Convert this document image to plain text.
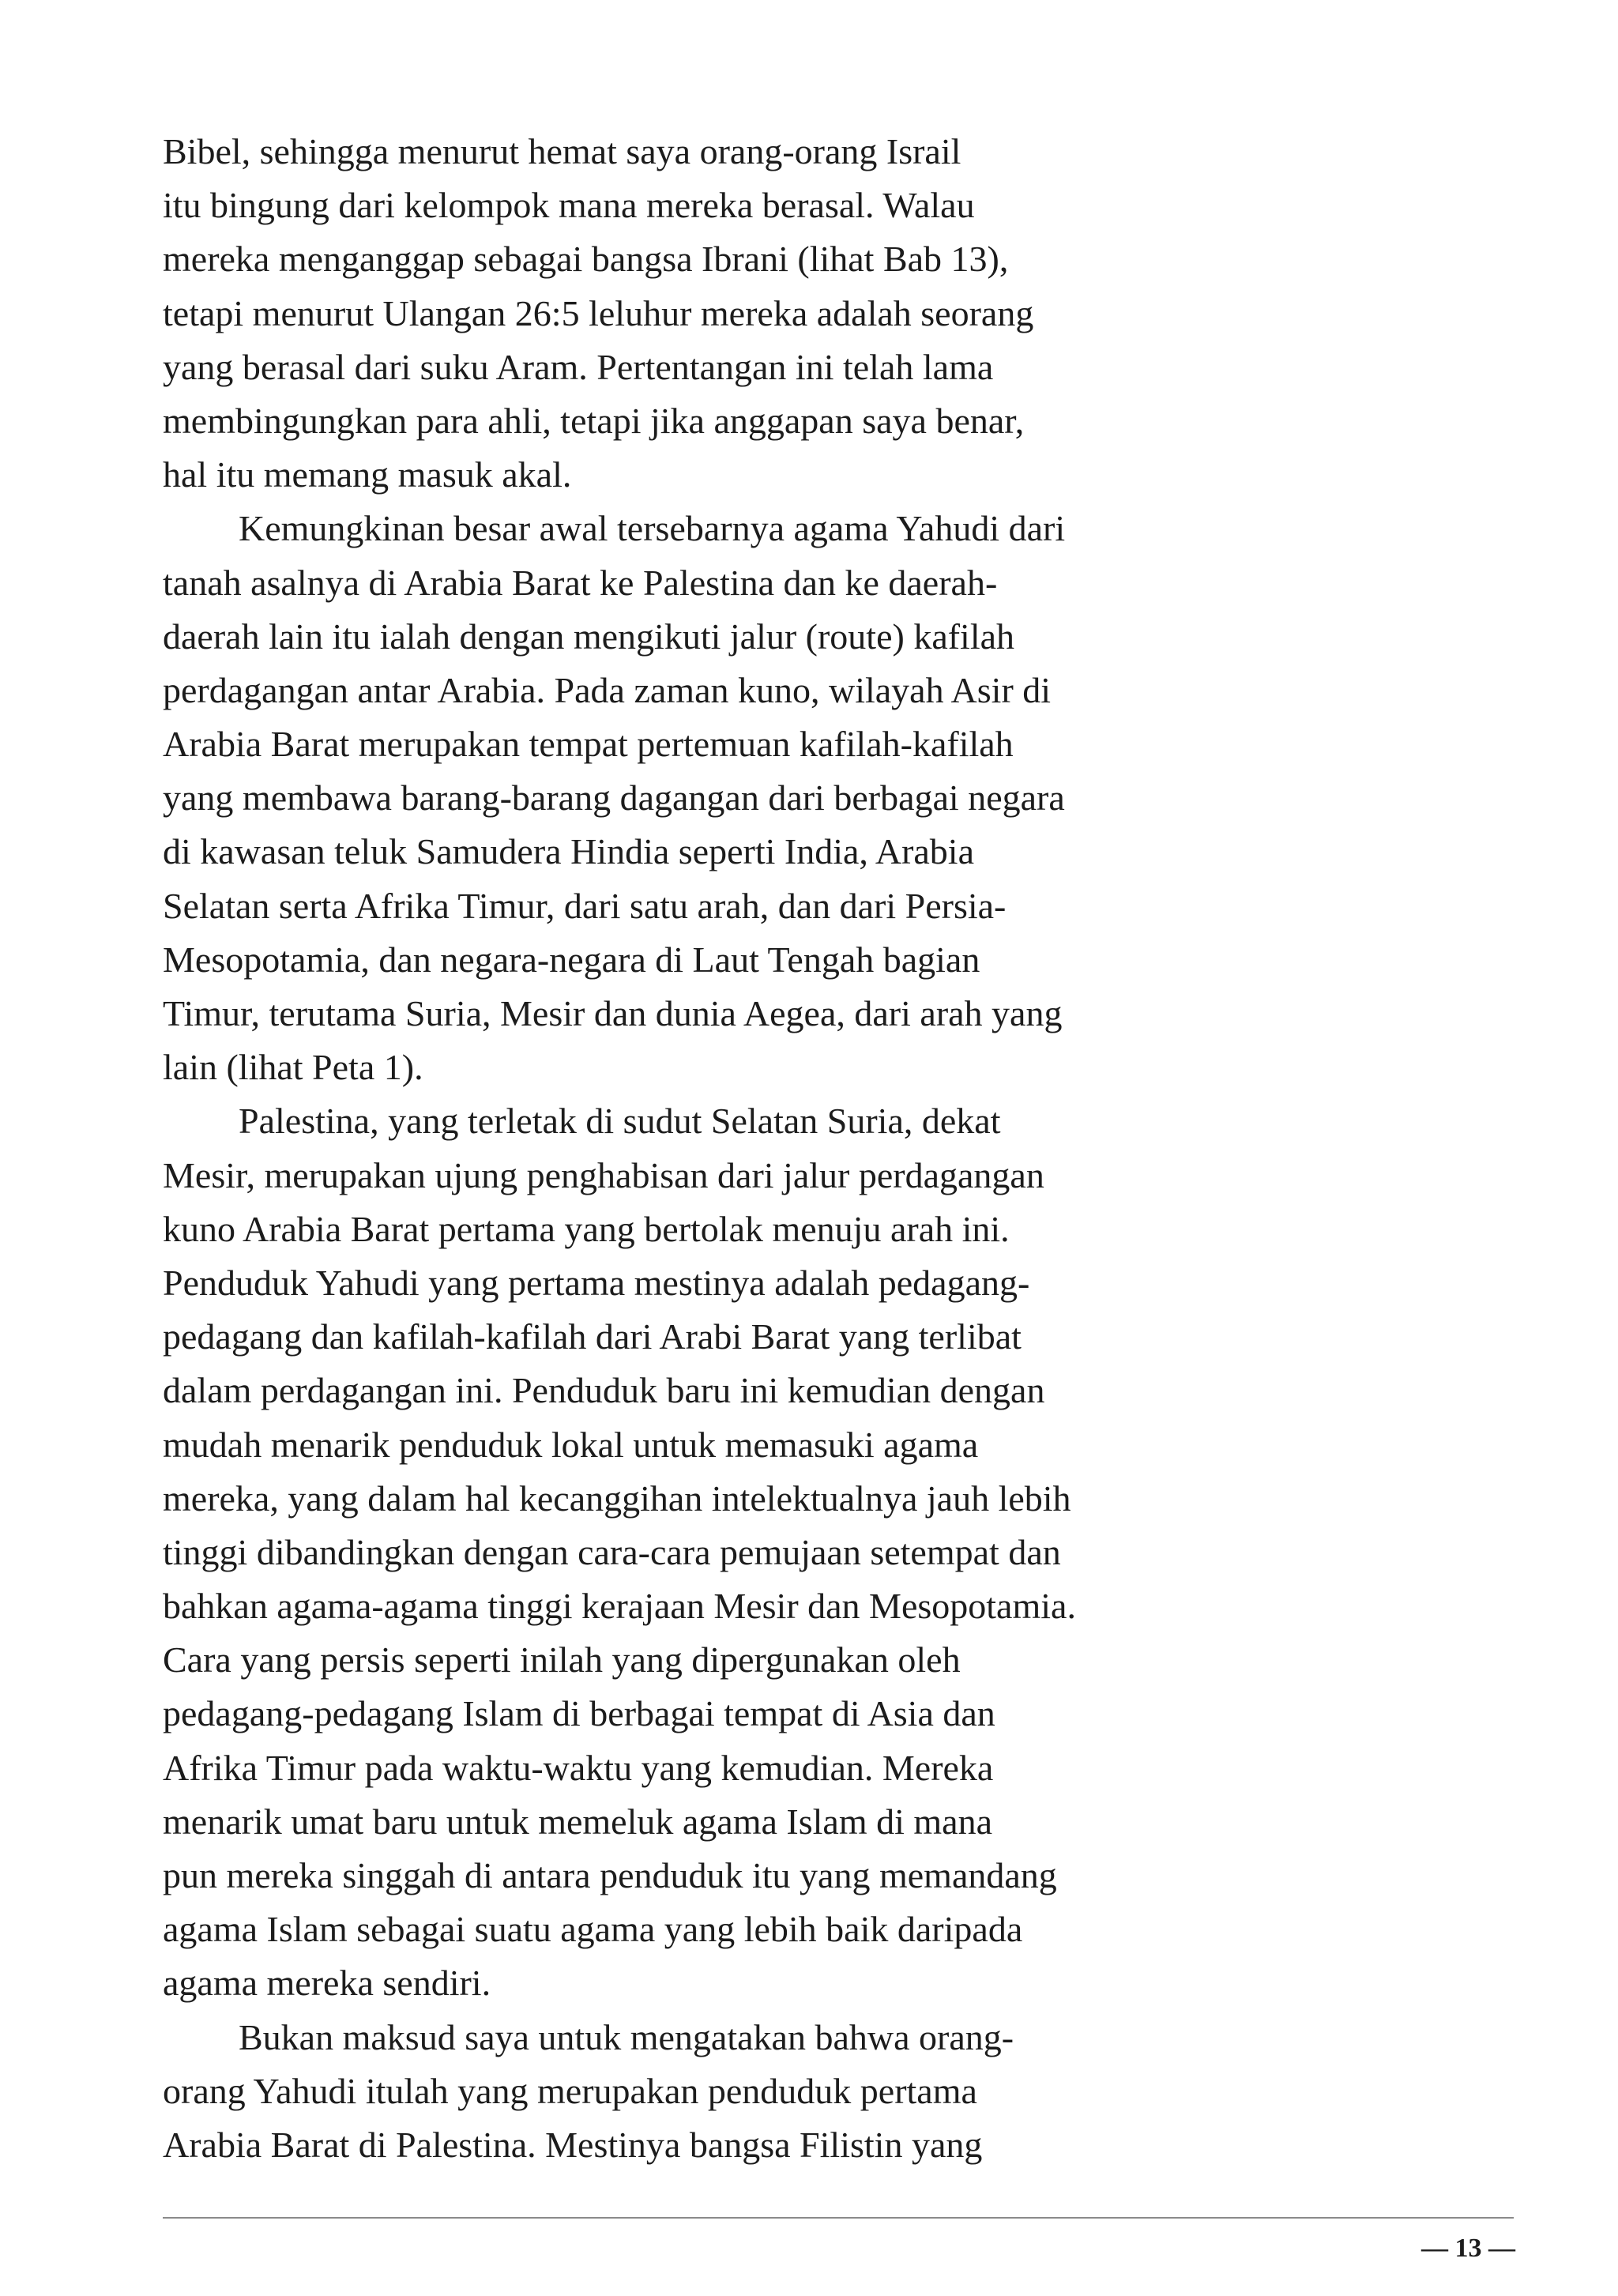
Bibel, sehingga menurut hemat saya orang-orang Israil
itu bingung dari kelompok mana mereka berasal. Walau
mereka menganggap sebagai bangsa Ibrani (lihat Bab 13),
tetapi menurut Ulangan 26:5 leluhur mereka adalah seorang
yang berasal dari suku Aram. Pertentangan ini telah lama
membingungkan para ahli, tetapi jika anggapan saya benar,
hal itu memang masuk akal.
Kemungkinan besar awal tersebarnya agama Yahudi dari
tanah asalnya di Arabia Barat ke Palestina dan ke daerah-
daerah lain itu ialah dengan mengikuti jalur (route) kafilah
perdagangan antar Arabia. Pada zaman kuno, wilayah Asir di
Arabia Barat merupakan tempat pertemuan kafilah-kafilah
yang membawa barang-barang dagangan dari berbagai negara
di kawasan teluk Samudera Hindia seperti India, Arabia
Selatan serta Afrika Timur, dari satu arah, dan dari Persia-
Mesopotamia, dan negara-negara di Laut Tengah bagian
Timur, terutama Suria, Mesir dan dunia Aegea, dari arah yang
lain (lihat Peta 1).
Palestina, yang terletak di sudut Selatan Suria, dekat
Mesir, merupakan ujung penghabisan dari jalur perdagangan
kuno Arabia Barat pertama yang bertolak menuju arah ini.
Penduduk Yahudi yang pertama mestinya adalah pedagang-
pedagang dan kafilah-kafilah dari Arabi Barat yang terlibat
dalam perdagangan ini. Penduduk baru ini kemudian dengan
mudah menarik penduduk lokal untuk memasuki agama
mereka, yang dalam hal kecanggihan intelektualnya jauh lebih
tinggi dibandingkan dengan cara-cara pemujaan setempat dan
bahkan agama-agama tinggi kerajaan Mesir dan Mesopotamia.
Cara yang persis seperti inilah yang dipergunakan oleh
pedagang-pedagang Islam di berbagai tempat di Asia dan
Afrika Timur pada waktu-waktu yang kemudian. Mereka
menarik umat baru untuk memeluk agama Islam di mana
pun mereka singgah di antara penduduk itu yang memandang
agama Islam sebagai suatu agama yang lebih baik daripada
agama mereka sendiri.
Bukan maksud saya untuk mengatakan bahwa orang-
orang Yahudi itulah yang merupakan penduduk pertama
Arabia Barat di Palestina. Mestinya bangsa Filistin yang
— 13 —
